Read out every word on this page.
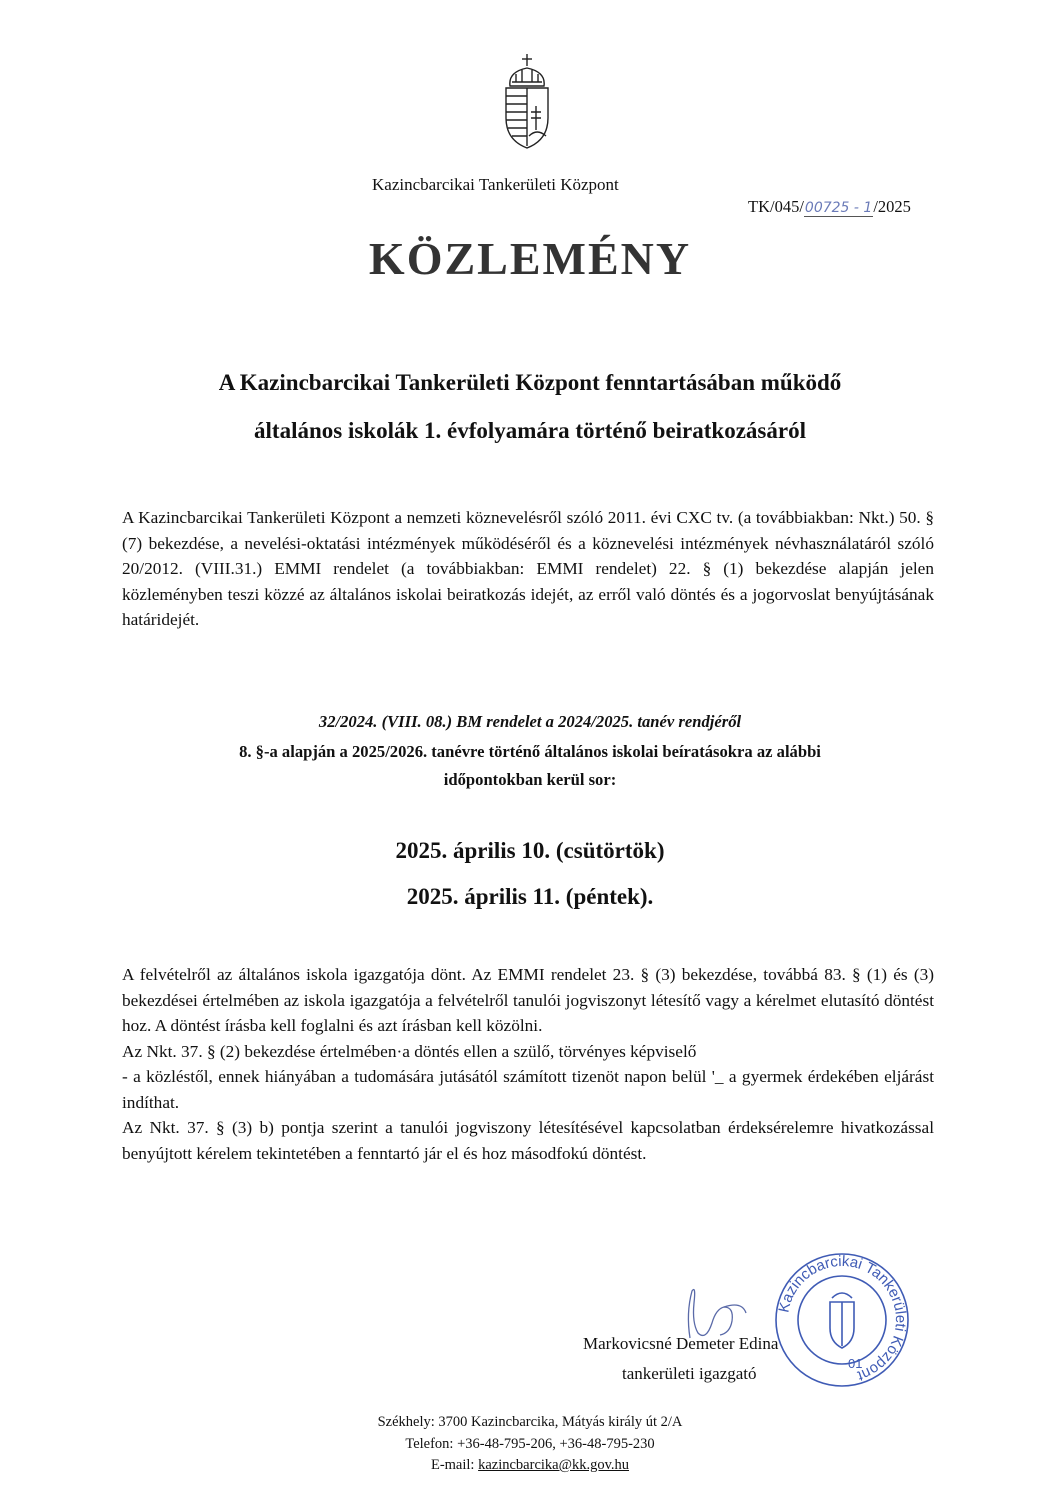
Kazincbarcikai Tankerületi Központ
TK/045/00725 - 1/2025
KÖZLEMÉNY
A Kazincbarcikai Tankerületi Központ fenntartásában működő
általános iskolák 1. évfolyamára történő beiratkozásáról
A Kazincbarcikai Tankerületi Központ a nemzeti köznevelésről szóló 2011. évi CXC tv. (a továbbiakban: Nkt.) 50. § (7) bekezdése, a nevelési-oktatási intézmények működéséről és a köznevelési intézmények névhasználatáról szóló 20/2012. (VIII.31.) EMMI rendelet (a továbbiakban: EMMI rendelet) 22. § (1) bekezdése alapján jelen közleményben teszi közzé az általános iskolai beiratkozás idejét, az erről való döntés és a jogorvoslat benyújtásának határidejét.
32/2024. (VIII. 08.) BM rendelet a 2024/2025. tanév rendjéről
8. §-a alapján a 2025/2026. tanévre történő általános iskolai beíratásokra az alábbi
időpontokban kerül sor:
2025. április 10. (csütörtök)
2025. április 11. (péntek).

A felvételről az általános iskola igazgatója dönt. Az EMMI rendelet 23. § (3) bekezdése, továbbá 83. § (1) és (3) bekezdései értelmében az iskola igazgatója a felvételről tanulói jogviszonyt létesítő vagy a kérelmet elutasító döntést hoz. A döntést írásba kell foglalni és azt írásban kell közölni.

Az Nkt. 37. § (2) bekezdése értelmében·a döntés ellen a szülő, törvényes képviselő

- a közléstől, ennek hiányában a tudomására jutásától számított tizenöt napon belül '_ a gyermek érdekében eljárást indíthat.

Az Nkt. 37. § (3) b) pontja szerint a tanulói jogviszony létesítésével kapcsolatban érdeksérelemre hivatkozással benyújtott kérelem tekintetében a fenntartó jár el és hoz másodfokú döntést.

Kazincbarcikai Tankerületi Központ
01
Markovicsné Demeter Edina
tankerületi igazgató
Székhely: 3700 Kazincbarcika, Mátyás király út 2/A
Telefon: +36-48-795-206, +36-48-795-230
E-mail: kazincbarcika@kk.gov.hu
